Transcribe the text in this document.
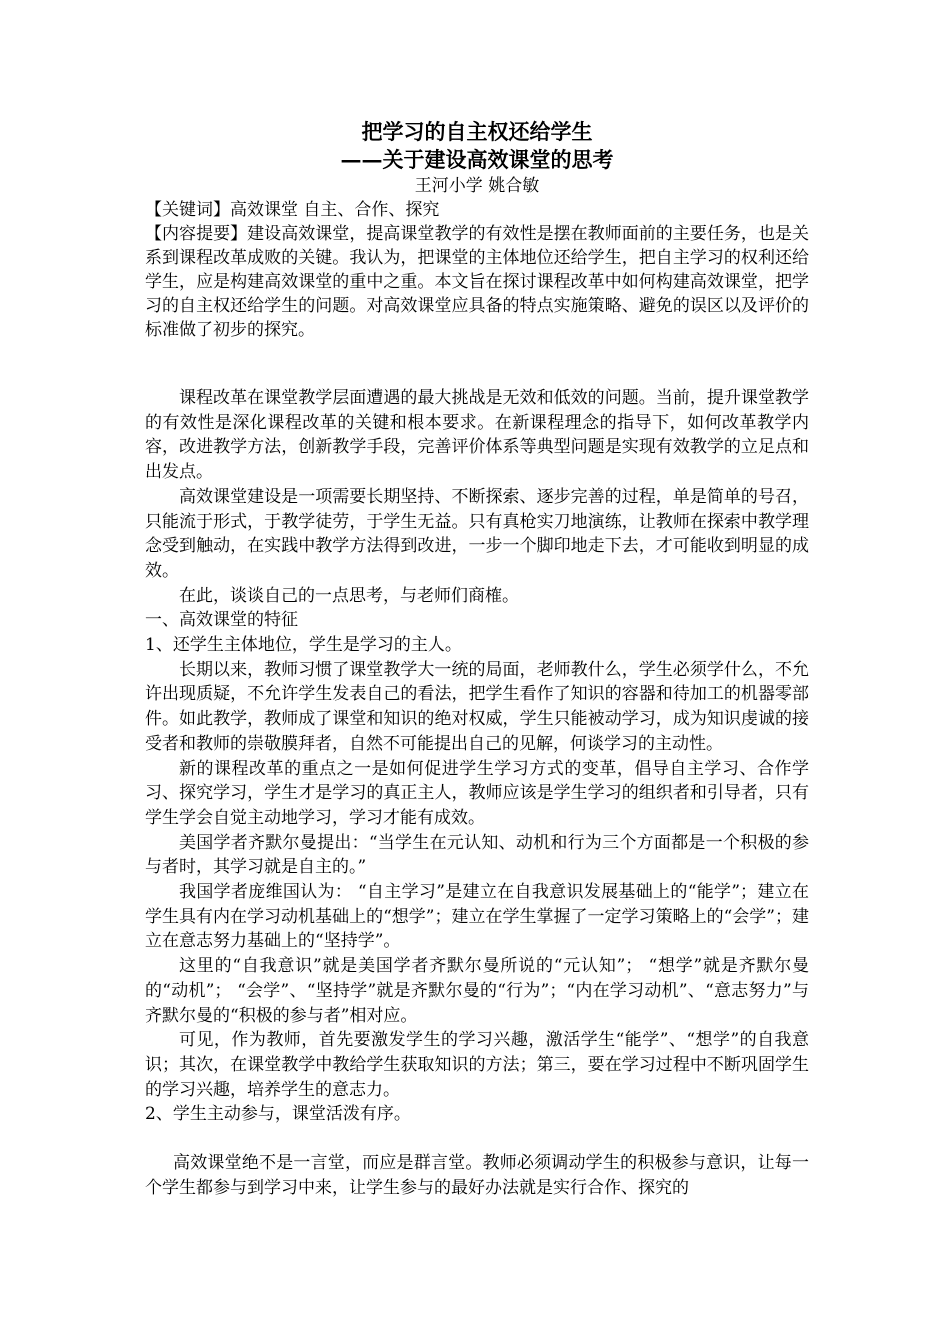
把学习的自主权还给学生

——关于建设高效课堂的思考

王河小学 姚合敏

【关键词】高效课堂 自主、合作、探究

【内容提要】建设高效课堂，提高课堂教学的有效性是摆在教师面前的主要任务，也是关系到课程改革成败的关键。我认为，把课堂的主体地位还给学生，把自主学习的权利还给学生，应是构建高效课堂的重中之重。本文旨在探讨课程改革中如何构建高效课堂，把学习的自主权还给学生的问题。对高效课堂应具备的特点实施策略、避免的误区以及评价的标准做了初步的探究。

课程改革在课堂教学层面遭遇的最大挑战是无效和低效的问题。当前，提升课堂教学的有效性是深化课程改革的关键和根本要求。在新课程理念的指导下，如何改革教学内容，改进教学方法，创新教学手段，完善评价体系等典型问题是实现有效教学的立足点和出发点。

高效课堂建设是一项需要长期坚持、不断探索、逐步完善的过程，单是简单的号召，只能流于形式，于教学徒劳，于学生无益。只有真枪实刀地演练，让教师在探索中教学理念受到触动，在实践中教学方法得到改进，一步一个脚印地走下去，才可能收到明显的成效。

在此，谈谈自己的一点思考，与老师们商榷。

一、高效课堂的特征

1、还学生主体地位，学生是学习的主人。

长期以来，教师习惯了课堂教学大一统的局面，老师教什么，学生必须学什么，不允许出现质疑，不允许学生发表自己的看法，把学生看作了知识的容器和待加工的机器零部件。如此教学，教师成了课堂和知识的绝对权威，学生只能被动学习，成为知识虔诚的接受者和教师的崇敬膜拜者，自然不可能提出自己的见解，何谈学习的主动性。

新的课程改革的重点之一是如何促进学生学习方式的变革，倡导自主学习、合作学习、探究学习，学生才是学习的真正主人，教师应该是学生学习的组织者和引导者，只有学生学会自觉主动地学习，学习才能有成效。

美国学者齐默尔曼提出：“当学生在元认知、动机和行为三个方面都是一个积极的参与者时，其学习就是自主的。”

我国学者庞维国认为： “自主学习”是建立在自我意识发展基础上的“能学”；建立在学生具有内在学习动机基础上的“想学”；建立在学生掌握了一定学习策略上的“会学”；建立在意志努力基础上的“坚持学”。

这里的“自我意识”就是美国学者齐默尔曼所说的“元认知”； “想学”就是齐默尔曼的“动机”； “会学”、“坚持学”就是齐默尔曼的“行为”；“内在学习动机”、“意志努力”与齐默尔曼的“积极的参与者”相对应。

可见，作为教师，首先要激发学生的学习兴趣，激活学生“能学”、“想学”的自我意识；其次，在课堂教学中教给学生获取知识的方法；第三，要在学习过程中不断巩固学生的学习兴趣，培养学生的意志力。

2、学生主动参与，课堂活泼有序。

高效课堂绝不是一言堂，而应是群言堂。教师必须调动学生的积极参与意识，让每一个学生都参与到学习中来，让学生参与的最好办法就是实行合作、探究的
